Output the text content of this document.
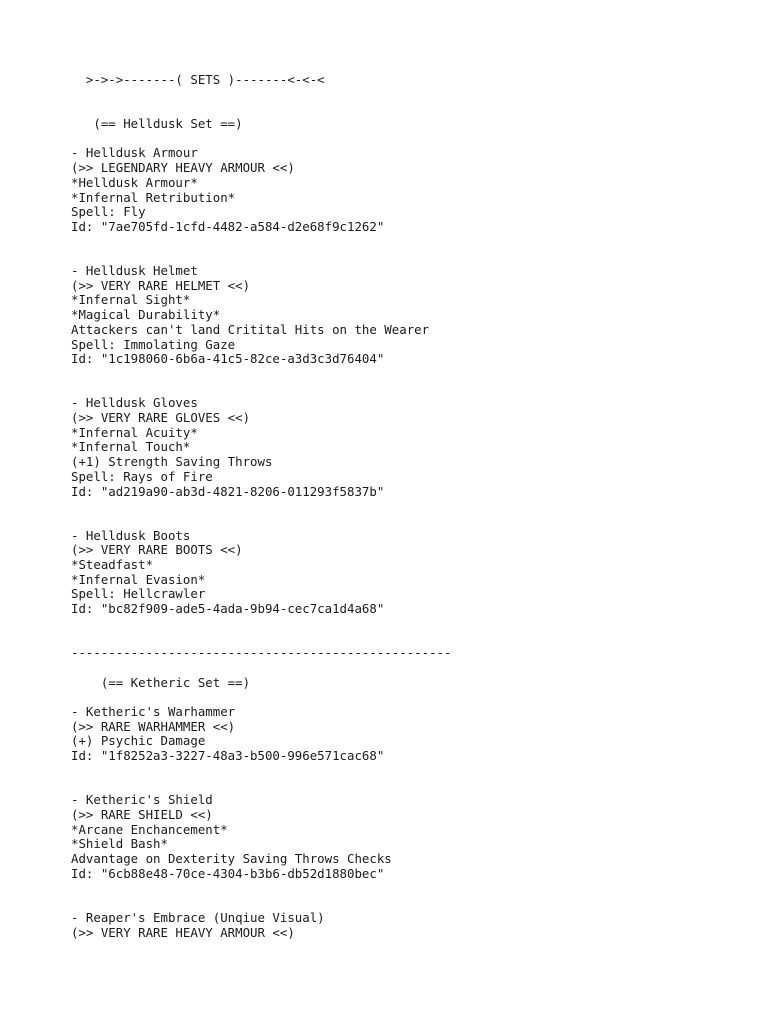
>->->-------( SETS )-------<-<-<
(== Helldusk Set ==)
- Helldusk Armour
(>> LEGENDARY HEAVY ARMOUR <<)
*Helldusk Armour*
*Infernal Retribution*
Spell: Fly
Id: "7ae705fd-1cfd-4482-a584-d2e68f9c1262"
- Helldusk Helmet
(>> VERY RARE HELMET <<)
*Infernal Sight*
*Magical Durability*
Attackers can't land Critital Hits on the Wearer
Spell: Immolating Gaze
Id: "1c198060-6b6a-41c5-82ce-a3d3c3d76404"
- Helldusk Gloves
(>> VERY RARE GLOVES <<)
*Infernal Acuity*
*Infernal Touch*
(+1) Strength Saving Throws
Spell: Rays of Fire
Id: "ad219a90-ab3d-4821-8206-011293f5837b"
- Helldusk Boots
(>> VERY RARE BOOTS <<)
*Steadfast*
*Infernal Evasion*
Spell: Hellcrawler
Id: "bc82f909-ade5-4ada-9b94-cec7ca1d4a68"
---------------------------------------------------
(== Ketheric Set ==)
- Ketheric's Warhammer
(>> RARE WARHAMMER <<)
(+) Psychic Damage
Id: "1f8252a3-3227-48a3-b500-996e571cac68"
- Ketheric's Shield
(>> RARE SHIELD <<)
*Arcane Enchancement*
*Shield Bash*
Advantage on Dexterity Saving Throws Checks
Id: "6cb88e48-70ce-4304-b3b6-db52d1880bec"
- Reaper's Embrace (Unqiue Visual)
(>> VERY RARE HEAVY ARMOUR <<)
